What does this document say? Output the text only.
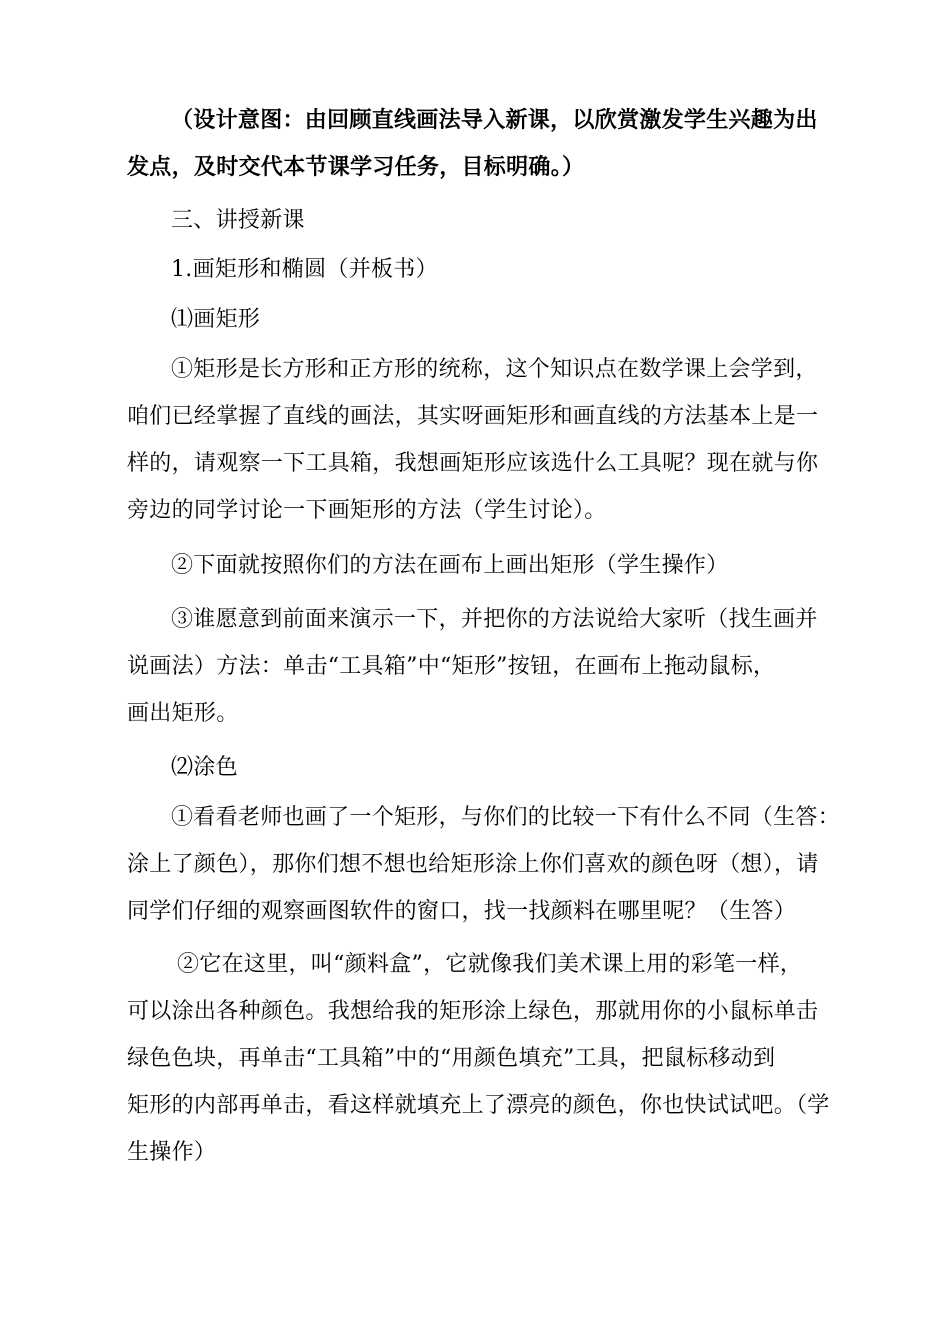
（设计意图：由回顾直线画法导入新课，以欣赏激发学生兴趣为出
发点，及时交代本节课学习任务，目标明确。）
三、讲授新课
1.画矩形和椭圆（并板书）
⑴画矩形
①矩形是长方形和正方形的统称，这个知识点在数学课上会学到，
咱们已经掌握了直线的画法，其实呀画矩形和画直线的方法基本上是一
样的，请观察一下工具箱，我想画矩形应该选什么工具呢？现在就与你
旁边的同学讨论一下画矩形的方法（学生讨论）。
②下面就按照你们的方法在画布上画出矩形（学生操作）
③谁愿意到前面来演示一下，并把你的方法说给大家听（找生画并
说画法）方法：单击“工具箱”中“矩形”按钮，在画布上拖动鼠标，
画出矩形。
⑵涂色
①看看老师也画了一个矩形，与你们的比较一下有什么不同（生答：
涂上了颜色），那你们想不想也给矩形涂上你们喜欢的颜色呀（想），请
同学们仔细的观察画图软件的窗口，找一找颜料在哪里呢？（生答）
②它在这里，叫“颜料盒”，它就像我们美术课上用的彩笔一样，
可以涂出各种颜色。我想给我的矩形涂上绿色，那就用你的小鼠标单击
绿色色块，再单击“工具箱”中的“用颜色填充”工具，把鼠标移动到
矩形的内部再单击，看这样就填充上了漂亮的颜色，你也快试试吧。（学
生操作）
